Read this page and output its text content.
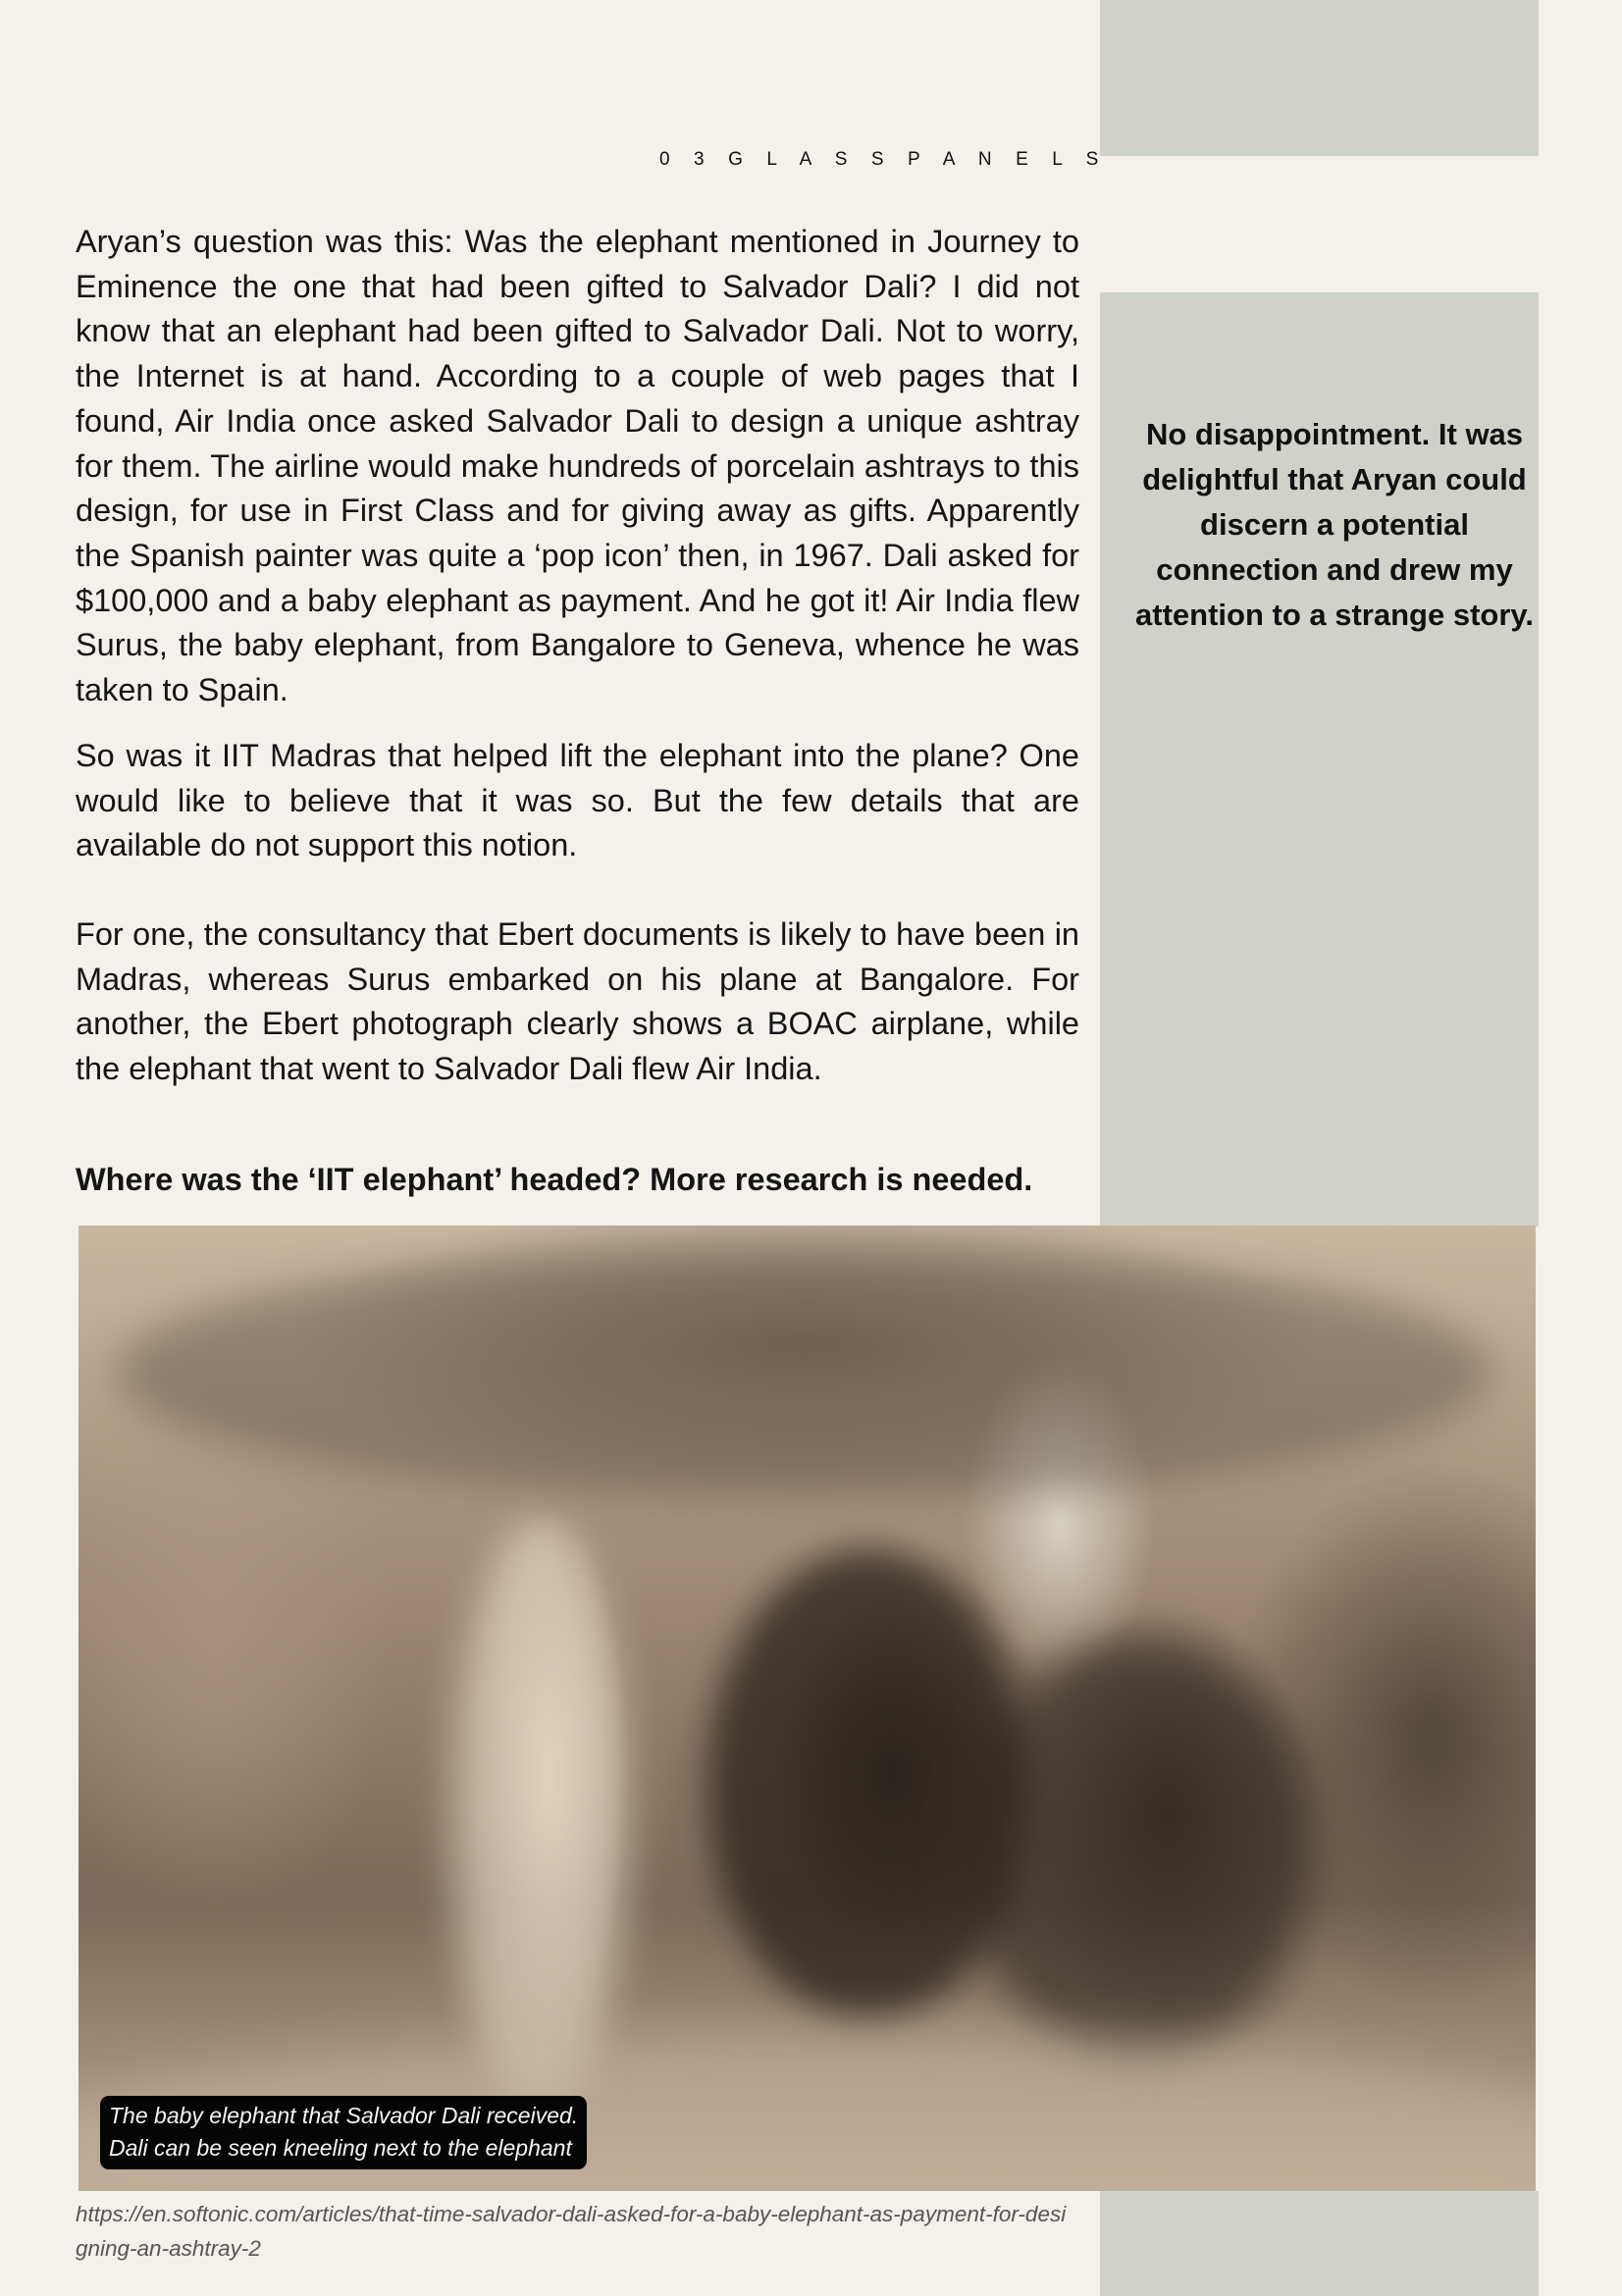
0 3 G L A S S P A N E L S
No disappointment. It was delightful that Aryan could discern a potential connection and drew my attention to a strange story.

Aryan’s question was this: Was the elephant mentioned in Journey to Eminence the one that had been gifted to Salvador Dali? I did not know that an elephant had been gifted to Salvador Dali. Not to worry, the Internet is at hand. According to a couple of web pages that I found, Air India once asked Salvador Dali to design a unique ashtray for them. The airline would make hundreds of porcelain ashtrays to this design, for use in First Class and for giving away as gifts. Apparently the Spanish painter was quite a ‘pop icon’ then, in 1967. Dali asked for $100,000 and a baby elephant as payment. And he got it! Air India flew Surus, the baby elephant, from Bangalore to Geneva, whence he was taken to Spain.

So was it IIT Madras that helped lift the elephant into the plane? One would like to believe that it was so. But the few details that are available do not support this notion.

For one, the consultancy that Ebert documents is likely to have been in Madras, whereas Surus embarked on his plane at Bangalore. For another, the Ebert photograph clearly shows a BOAC airplane, while the elephant that went to Salvador Dali flew Air India.

Where was the ‘IIT elephant’ headed? More research is needed.

The baby elephant that Salvador Dali received.
Dali can be seen kneeling next to the elephant
https://en.softonic.com/articles/that-time-salvador-dali-asked-for-a-baby-elephant-as-payment-for-designing-an-ashtray-2
